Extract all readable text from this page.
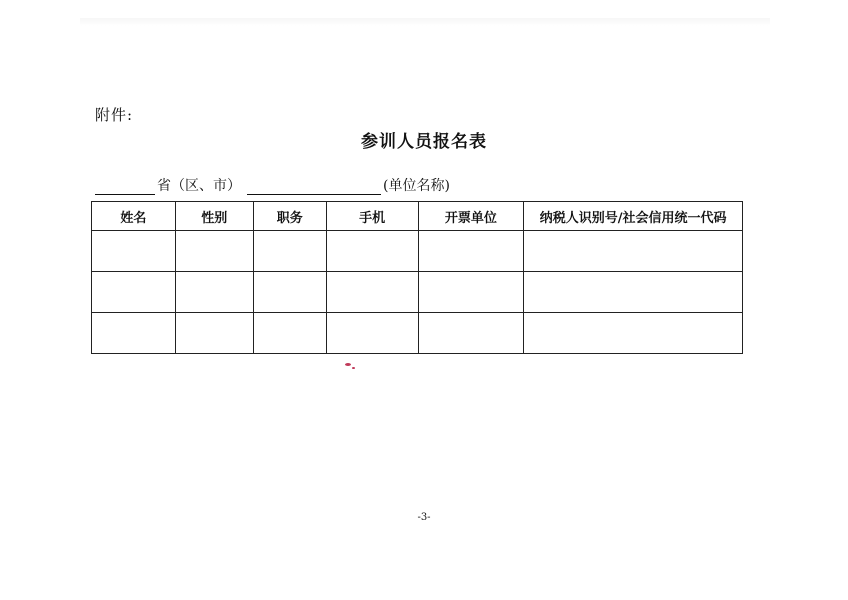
附件:
参训人员报名表
省（区、市）	(单位名称)
姓名	性别	职务	手机	开票单位	纳税人识别号/社会信用统一代码

-3-
